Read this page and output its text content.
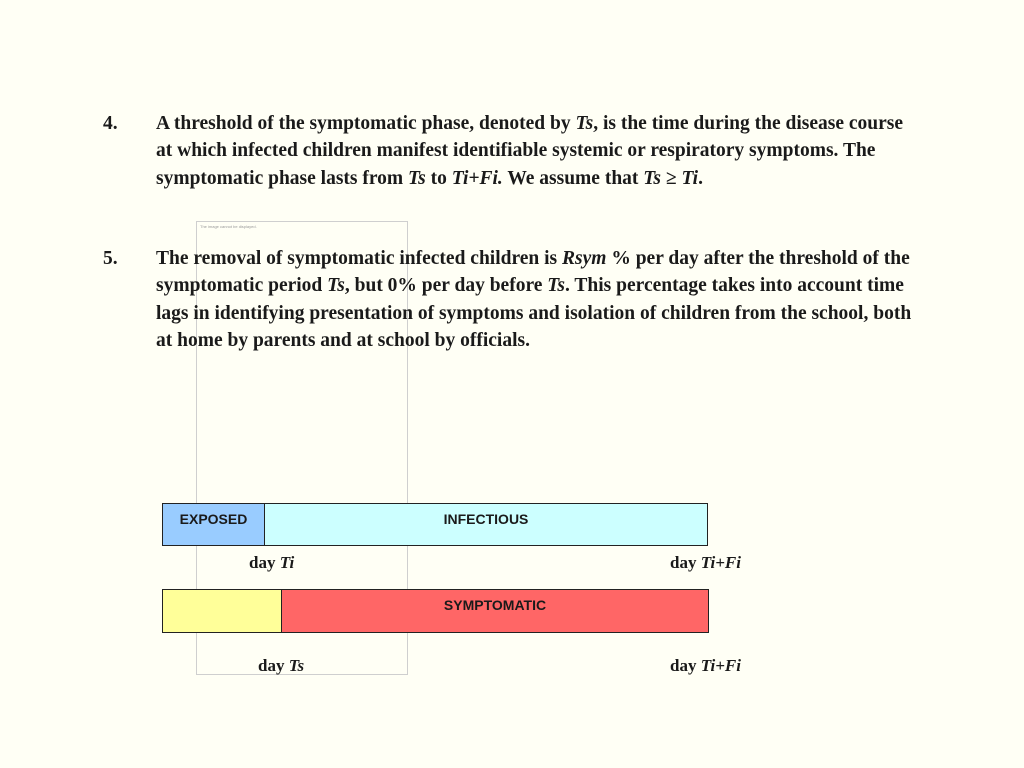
The image cannot be displayed.
4. A threshold of the symptomatic phase, denoted by Ts, is the time during the disease course at which infected children manifest identifiable systemic or respiratory symptoms. The symptomatic phase lasts from Ts to Ti+Fi. We assume that Ts ≥ Ti.
5. The removal of symptomatic infected children is Rsym % per day after the threshold of the symptomatic period Ts, but 0% per day before Ts. This percentage takes into account time lags in identifying presentation of symptoms and isolation of children from the school, both at home by parents and at school by officials.
EXPOSED	INFECTIOUS
day Ti	day Ti+Fi
SYMPTOMATIC
day Ts	day Ti+Fi
